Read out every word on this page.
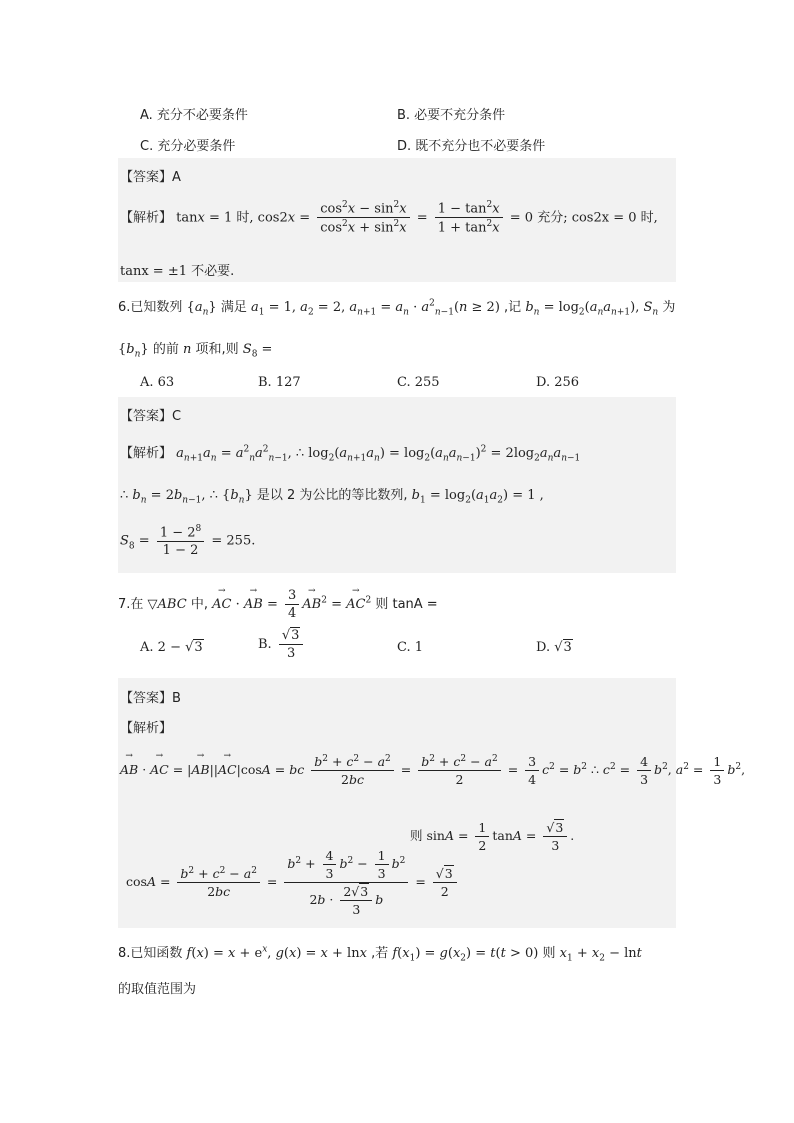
A. 充分不必要条件	B. 必要不充分条件
C. 充分必要条件	D. 既不充分也不必要条件
【答案】A
【解析】 tanx = 1 时, $\cos 2x = \frac{\cos^2x - \sin^2x}{\cos^2x + \sin^2x} = \frac{1 - \tan^2x}{1 + \tan^2x} = 0$ 充分; cos2x = 0 时,
tanx = ±1 不必要.
6.已知数列 $\{a_n\}$ 满足 $a_1 = 1$, $a_2 = 2$, $a_{n+1} = a_n \cdot a^2_{n-1}(n \ge 2)$ ,记 $b_n = \log_2(a_na_{n+1})$, $S_n$ 为
$\{b_n\}$ 的前 n 项和,则 $S_8$ =
A. 63	B. 127	C. 255	D. 256
【答案】C
【解析】 $a_{n+1}a_n = a^2_na^2_{n-1}$, ∴ $\log_2(a_{n+1}a_n) = \log_2(a_na_{n-1})^2 = 2\log_2a_na_{n-1}$
∴ $b_n = 2b_{n-1}$, ∴ $\{b_n\}$ 是以 2 为公比的等比数列, $b_1 = \log_2(a_1a_2) = 1$ ,
$S_8 = \frac{1 - 2^8}{1 - 2} = 255$.
7.在 ▽ABC 中, → AC · → AB = $\frac{3}{4}$
→ $AB^2$ = → $AC^2$ 则 tanA =
A. 2 − √3	B. $\frac{√3}{3}$	C. 1	D. √3
【答案】B
【解析】
→ AB · → AC = |→ AB||→ AC|cosA = bc $\frac{b^2 + c^2 - a^2}{2bc} = \frac{b^2 + c^2 - a^2}{2} = \frac{3}{4} c^2 = b^2$ ∴ $c^2 = \frac{4}{3} b^2$, $a^2 = \frac{1}{3} b^2$,
$\cos A = \frac{b^2 + c^2 - a^2}{2bc} = \frac{b^2 + \frac{4}{3} b^2 - \frac{1}{3} b^2}{2b \cdot \frac{2√3}{3} b} = \frac{√3}{2}$
则 $\sin A = \frac{1}{2}$ $\tan A = \frac{√3}{3}$ .
8.已知函数 $f(x) = x + e^x$, g(x) = x + lnx ,若 $f(x_1) = g(x_2) = t(t > 0)$ 则 $x_1 + x_2 - \ln t$
的取值范围为
